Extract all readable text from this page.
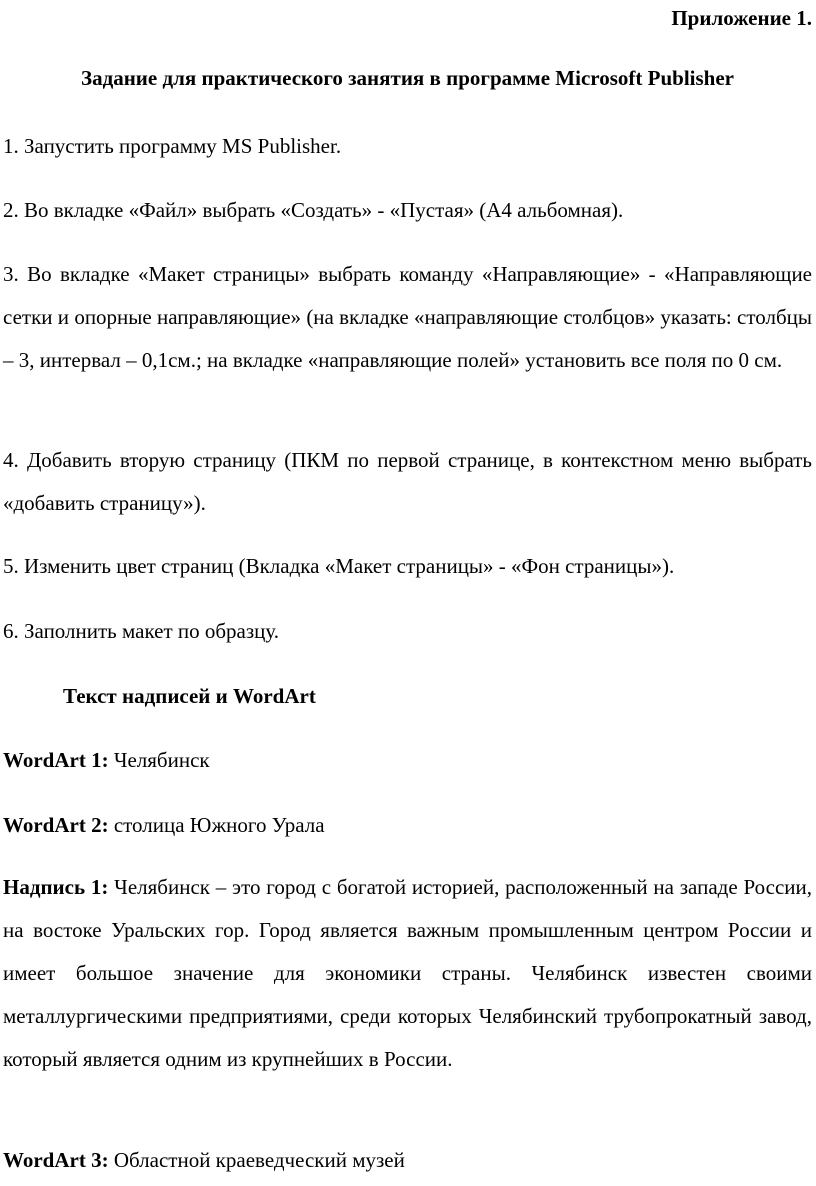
Приложение 1.
Задание для практического занятия в программе Microsoft Publisher
1. Запустить программу MS Publisher.
2. Во вкладке «Файл» выбрать «Создать» - «Пустая» (А4 альбомная).
3. Во вкладке «Макет страницы» выбрать команду «Направляющие» - «Направляющие сетки и опорные направляющие» (на вкладке «направляющие столбцов» указать: столбцы – 3, интервал – 0,1см.; на вкладке «направляющие полей» установить все поля по 0 см.
4. Добавить вторую страницу (ПКМ по первой странице, в контекстном меню выбрать «добавить страницу»).
5. Изменить цвет страниц (Вкладка «Макет страницы» - «Фон страницы»).
6. Заполнить макет по образцу.
Текст надписей и WordArt
WordArt 1: Челябинск
WordArt 2: столица Южного Урала
Надпись 1: Челябинск – это город с богатой историей, расположенный на западе России, на востоке Уральских гор. Город является важным промышленным центром России и имеет большое значение для экономики страны. Челябинск известен своими металлургическими предприятиями, среди которых Челябинский трубопрокатный завод, который является одним из крупнейших в России.
WordArt 3: Областной краеведческий музей
